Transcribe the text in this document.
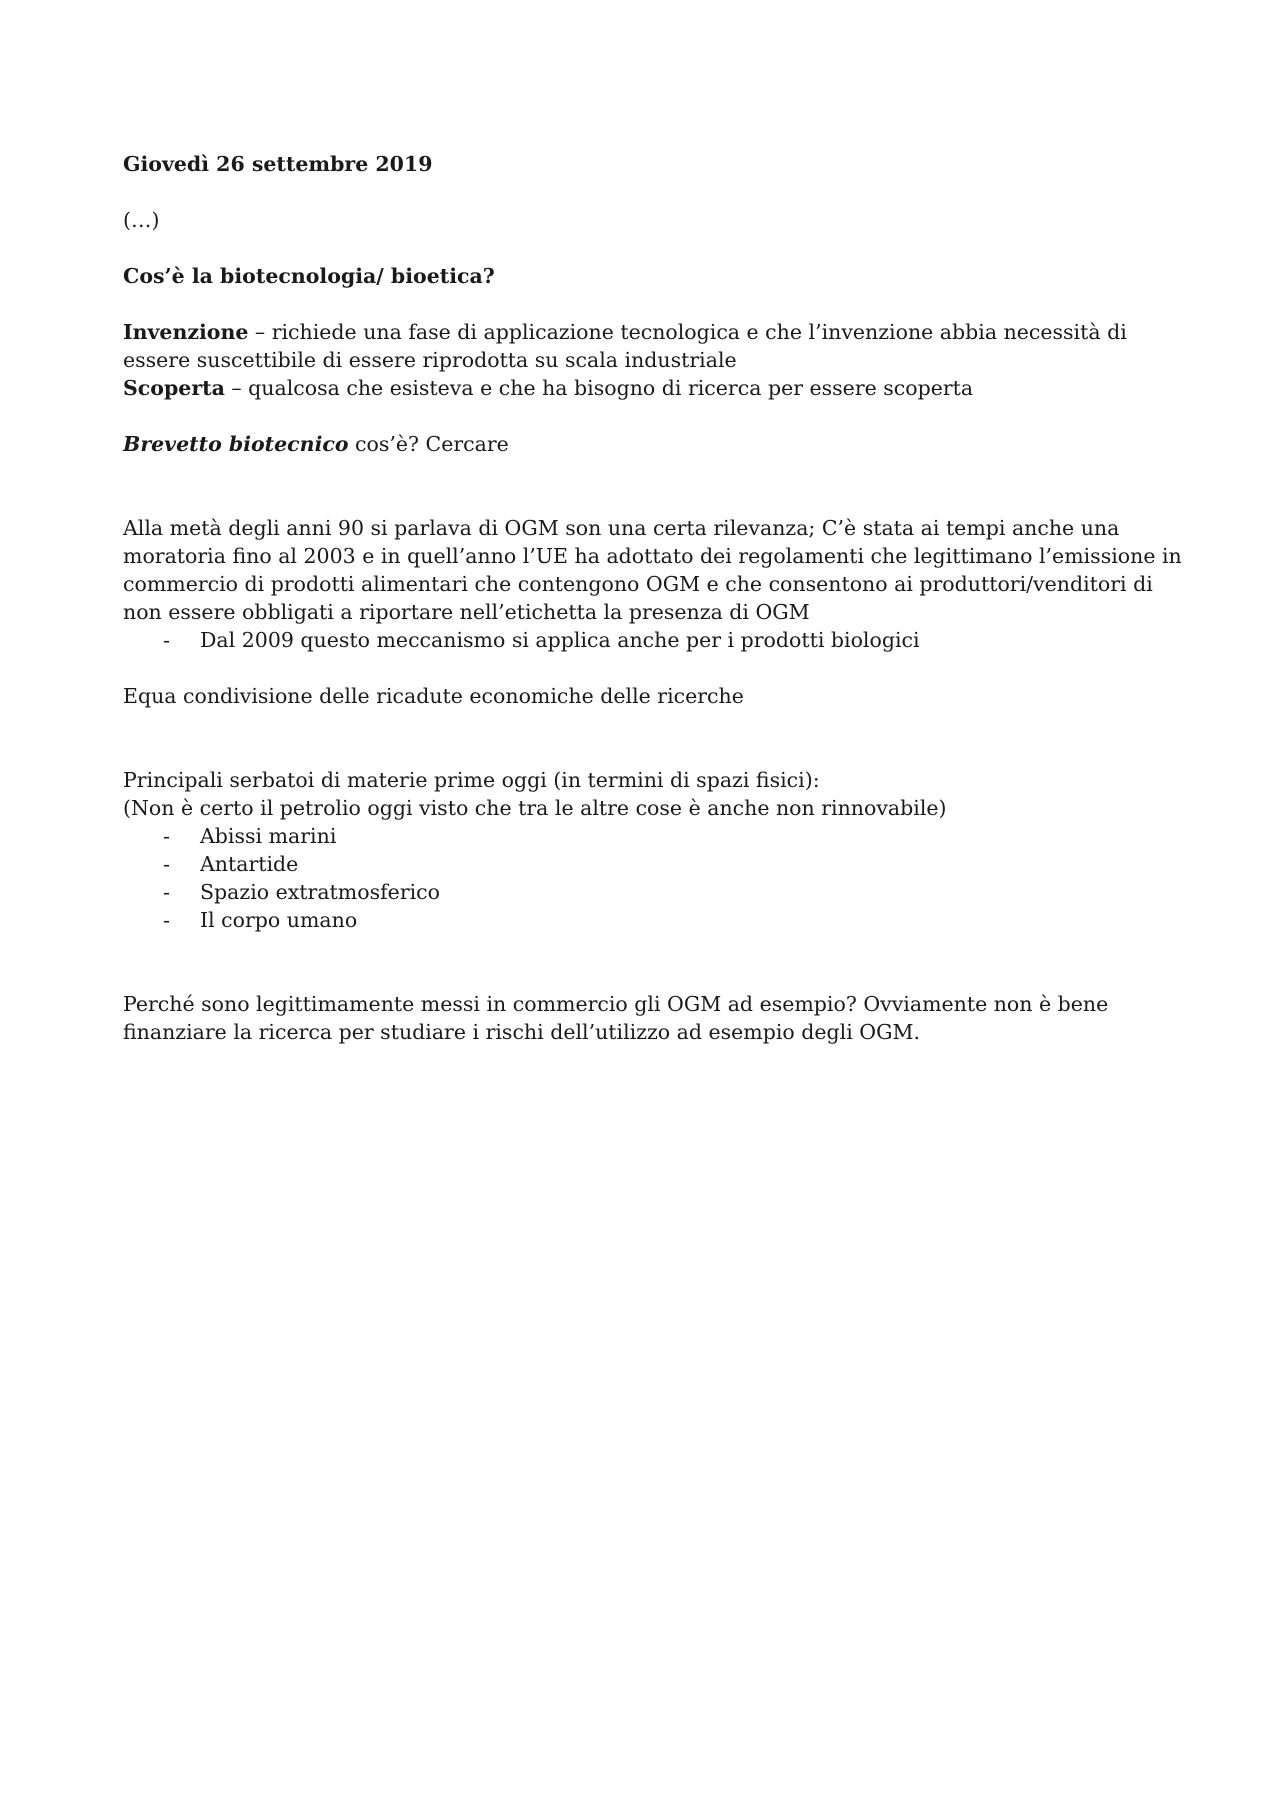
Giovedì 26 settembre 2019

(…)

Cos’è la biotecnologia/ bioetica?

Invenzione – richiede una fase di applicazione tecnologica e che l’invenzione abbia necessità di essere suscettibile di essere riprodotta su scala industriale

Scoperta – qualcosa che esisteva e che ha bisogno di ricerca per essere scoperta

Brevetto biotecnico cos’è? Cercare

Alla metà degli anni 90 si parlava di OGM son una certa rilevanza; C’è stata ai tempi anche una moratoria fino al 2003 e in quell’anno l’UE ha adottato dei regolamenti che legittimano l’emissione in commercio di prodotti alimentari che contengono OGM e che consentono ai produttori/venditori di non essere obbligati a riportare nell’etichetta la presenza di OGM

- Dal 2009 questo meccanismo si applica anche per i prodotti biologici

Equa condivisione delle ricadute economiche delle ricerche

Principali serbatoi di materie prime oggi (in termini di spazi fisici):

(Non è certo il petrolio oggi visto che tra le altre cose è anche non rinnovabile)

- Abissi marini
- Antartide
- Spazio extratmosferico
- Il corpo umano

Perché sono legittimamente messi in commercio gli OGM ad esempio? Ovviamente non è bene finanziare la ricerca per studiare i rischi dell’utilizzo ad esempio degli OGM.
